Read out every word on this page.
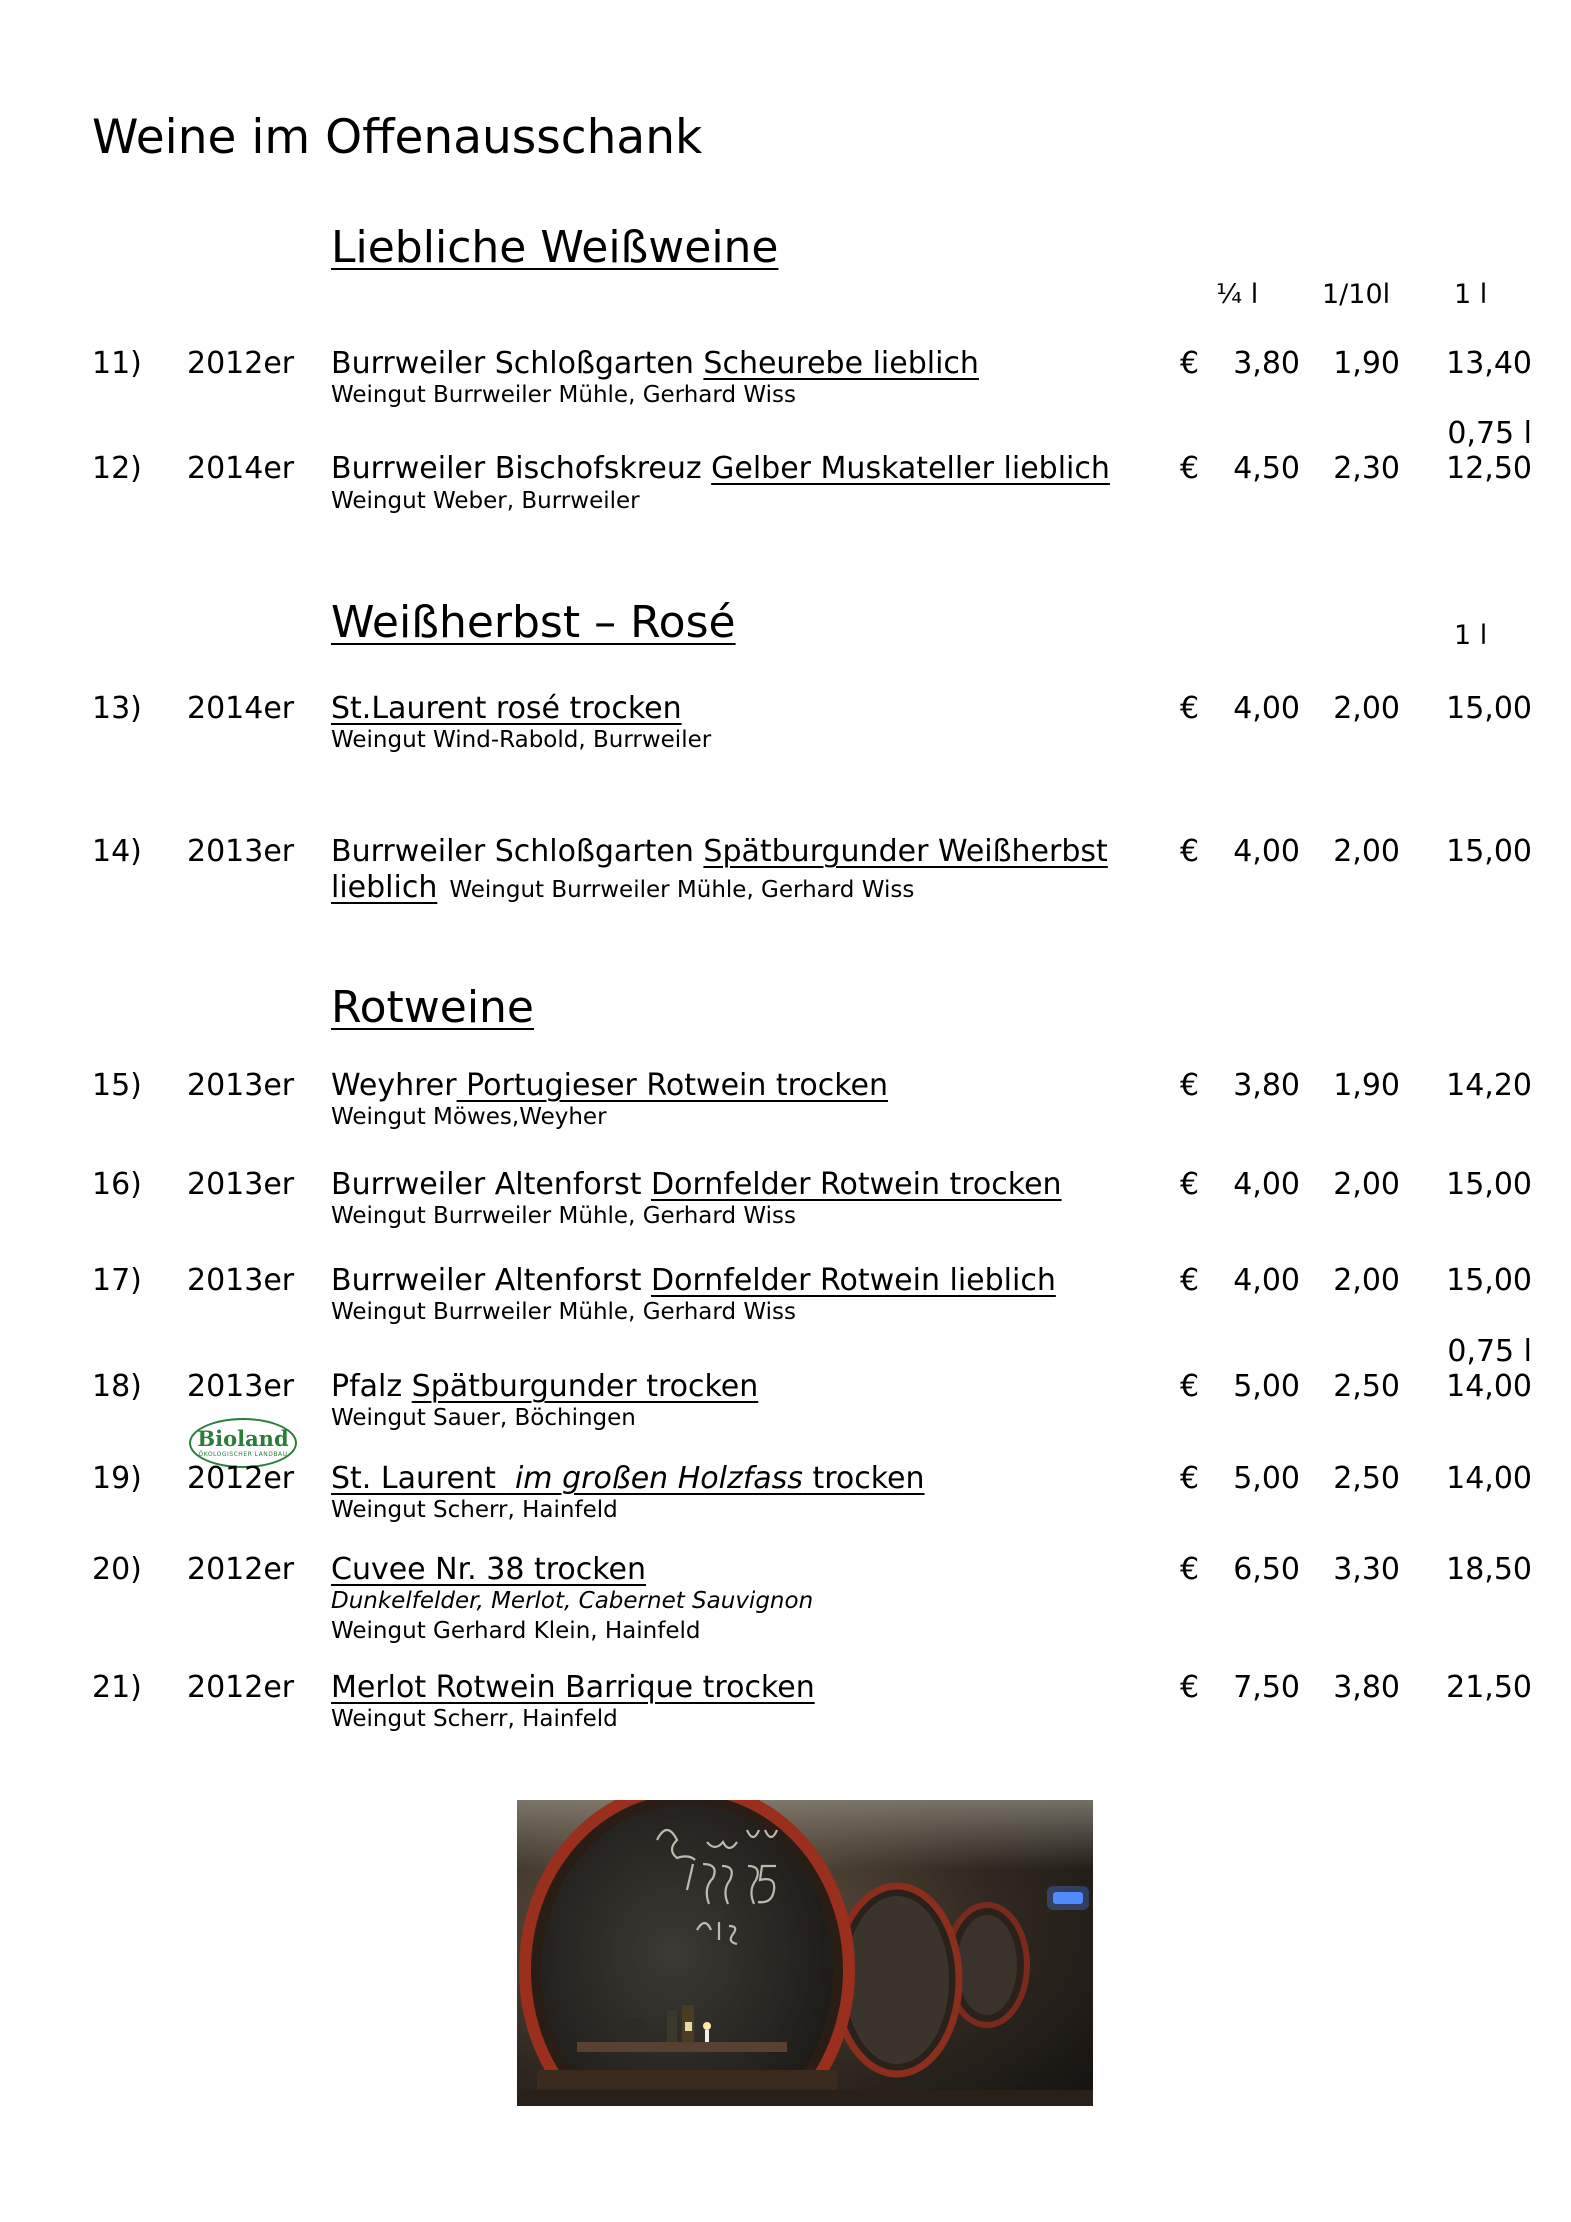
Weine im Offenausschank
Liebliche Weißweine
¼ l 1/10l 1 l
11) 2012er Burrweiler Schloßgarten Scheurebe lieblich
Weingut Burrweiler Mühle, Gerhard Wiss
€	3,80	1,90	13,40
0,75 l
12) 2014er Burrweiler Bischofskreuz Gelber Muskateller lieblich
Weingut Weber, Burrweiler
€	4,50	2,30	12,50
Weißherbst – Rosé	1 l
13) 2014er St.Laurent rosé trocken
Weingut Wind-Rabold, Burrweiler
€	4,00	2,00	15,00
14) 2013er Burrweiler Schloßgarten Spätburgunder Weißherbst
lieblich Weingut Burrweiler Mühle, Gerhard Wiss
€	4,00	2,00	15,00
Rotweine
15) 2013er Weyhrer Portugieser Rotwein trocken
Weingut Möwes,Weyher
€	3,80	1,90	14,20
16) 2013er Burrweiler Altenforst Dornfelder Rotwein trocken
Weingut Burrweiler Mühle, Gerhard Wiss
€	4,00	2,00	15,00
17) 2013er Burrweiler Altenforst Dornfelder Rotwein lieblich
Weingut Burrweiler Mühle, Gerhard Wiss
€	4,00	2,00	15,00
0,75 l
18) 2013er Pfalz Spätburgunder trocken
Weingut Sauer, Böchingen
€	5,00	2,50	14,00
Bioland
ÖKOLOGISCHER LANDBAU
19) 2012er St. Laurent  im großen Holzfass trocken
Weingut Scherr, Hainfeld
€	5,00	2,50	14,00
20) 2012er Cuvee Nr. 38 trocken
Dunkelfelder, Merlot, Cabernet Sauvignon
Weingut Gerhard Klein, Hainfeld
€	6,50	3,30	18,50
21) 2012er Merlot Rotwein Barrique trocken
Weingut Scherr, Hainfeld
€	7,50	3,80	21,50
